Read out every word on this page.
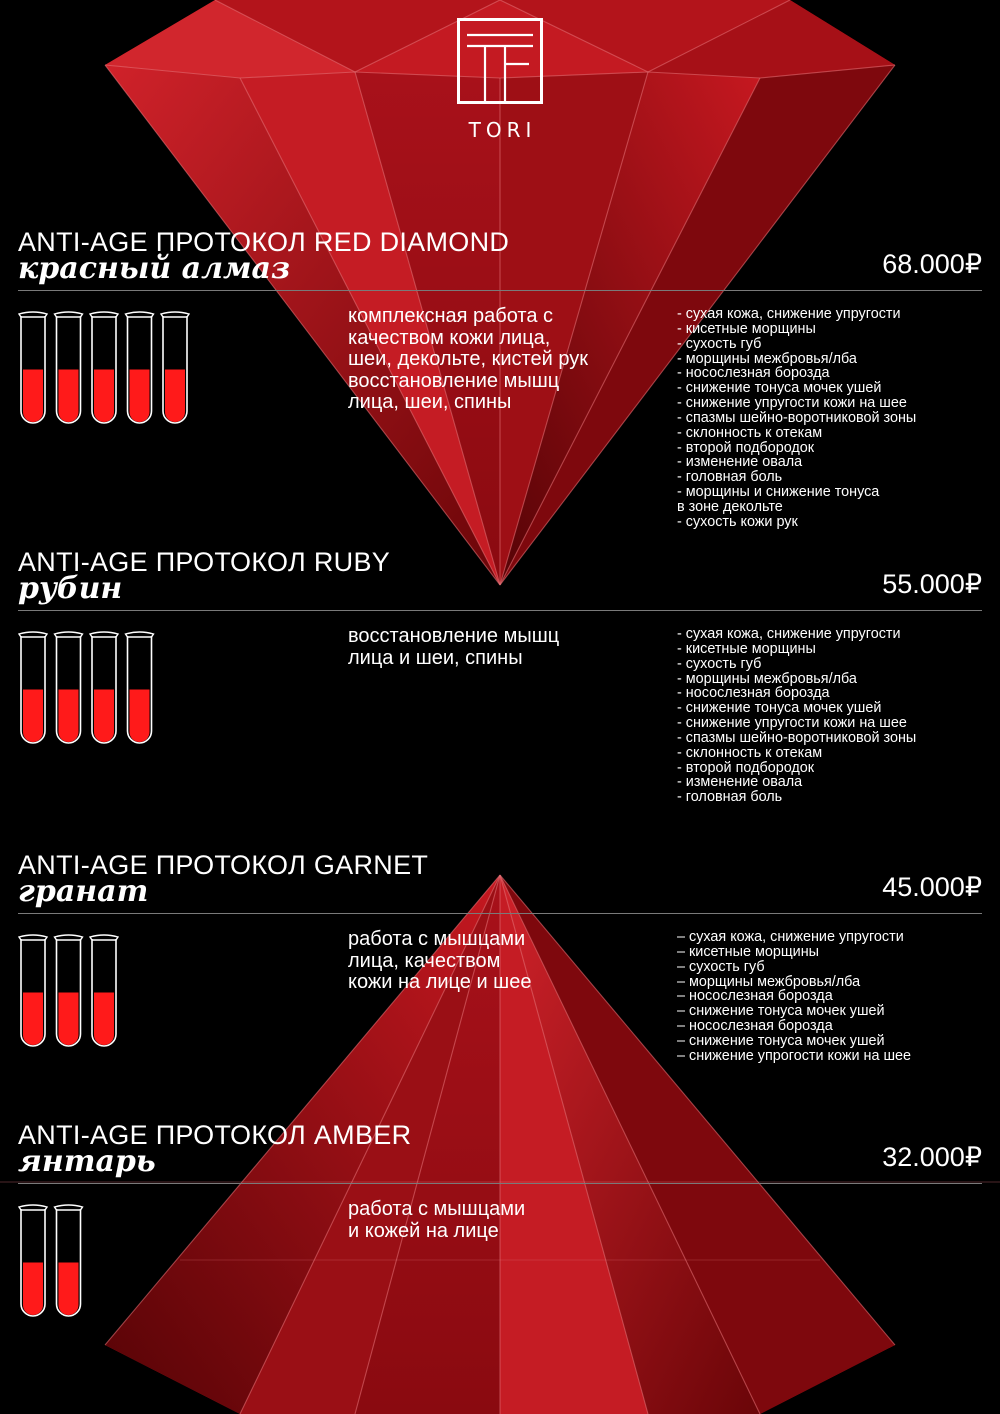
TORI
ANTI-AGE ПРОТОКОЛ RED DIAMOND
красный алмаз	68.000₽
комплексная работа с
качеством кожи лица,
шеи, декольте, кистей рук
восстановление мышц
лица, шеи, спины
- сухая кожа, снижение упругости
- кисетные морщины
- сухость губ
- морщины межбровья/лба
- носослезная борозда
- снижение тонуса мочек ушей
- снижение упругости кожи на шее
- спазмы шейно-воротниковой зоны
- склонность к отекам
- второй подбородок
- изменение овала
- головная боль
- морщины и снижение тонуса
в зоне декольте
- сухость кожи рук
ANTI-AGE ПРОТОКОЛ RUBY
рубин	55.000₽
восстановление мышц
лица и шеи, спины
- сухая кожа, снижение упругости
- кисетные морщины
- сухость губ
- морщины межбровья/лба
- носослезная борозда
- снижение тонуса мочек ушей
- снижение упругости кожи на шее
- спазмы шейно-воротниковой зоны
- склонность к отекам
- второй подбородок
- изменение овала
- головная боль
ANTI-AGE ПРОТОКОЛ GARNET
гранат	45.000₽
работа с мышцами
лица, качеством
кожи на лице и шее
– сухая кожа, снижение упругости
– кисетные морщины
– сухость губ
– морщины межбровья/лба
– носослезная борозда
– снижение тонуса мочек ушей
– носослезная борозда
– снижение тонуса мочек ушей
– снижение упрогости кожи на шее
ANTI-AGE ПРОТОКОЛ AMBER
янтарь	32.000₽
работа с мышцами
и кожей на лице
